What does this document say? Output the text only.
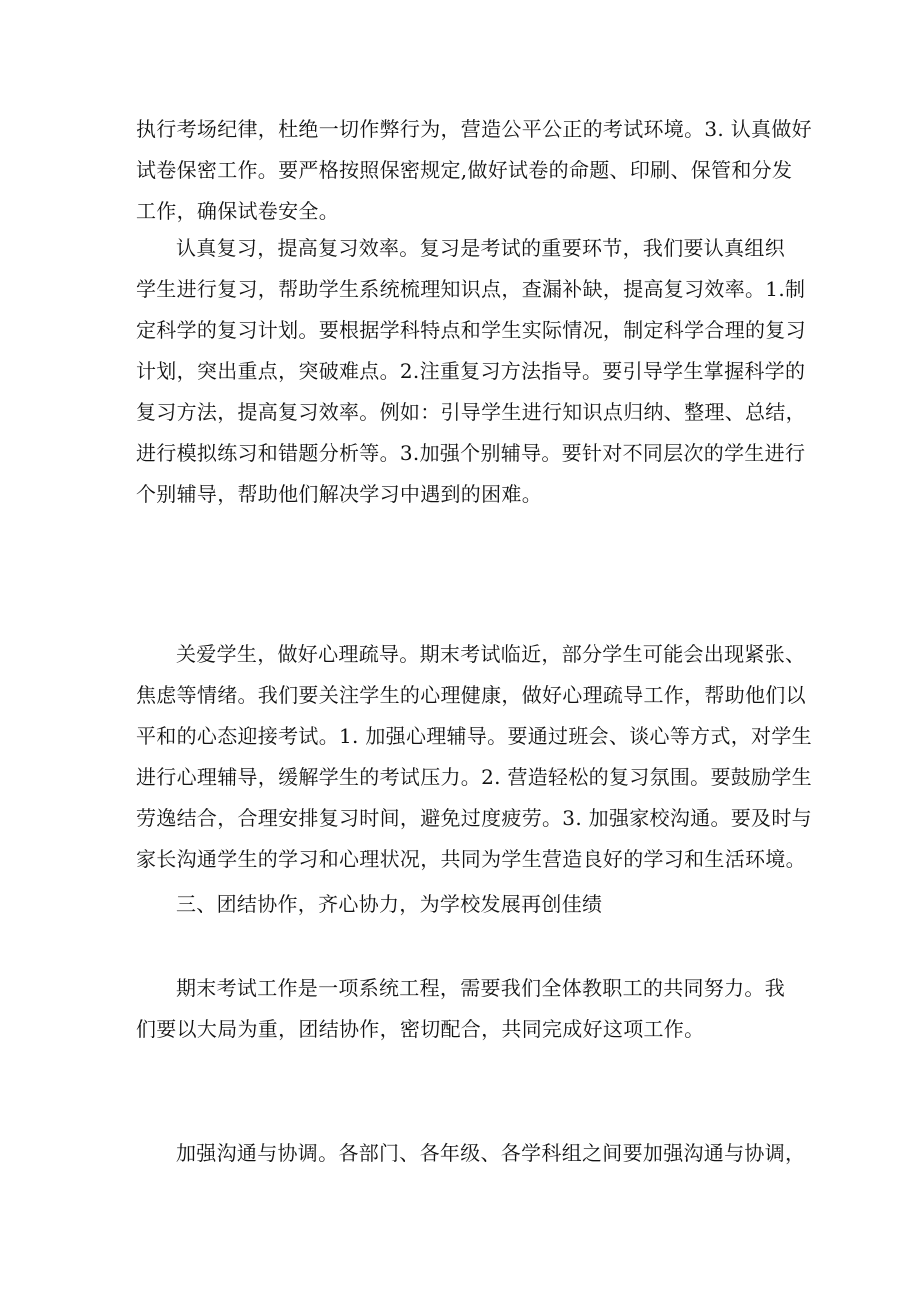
执行考场纪律，杜绝一切作弊行为，营造公平公正的考试环境。3. 认真做好
试卷保密工作。要严格按照保密规定,做好试卷的命题、印刷、保管和分发
工作，确保试卷安全。

认真复习，提高复习效率。复习是考试的重要环节，我们要认真组织
学生进行复习，帮助学生系统梳理知识点，查漏补缺，提高复习效率。1.制
定科学的复习计划。要根据学科特点和学生实际情况，制定科学合理的复习
计划，突出重点，突破难点。2.注重复习方法指导。要引导学生掌握科学的
复习方法，提高复习效率。例如：引导学生进行知识点归纳、整理、总结，
进行模拟练习和错题分析等。3.加强个别辅导。要针对不同层次的学生进行
个别辅导，帮助他们解决学习中遇到的困难。

关爱学生，做好心理疏导。期末考试临近，部分学生可能会出现紧张、
焦虑等情绪。我们要关注学生的心理健康，做好心理疏导工作，帮助他们以
平和的心态迎接考试。1. 加强心理辅导。要通过班会、谈心等方式，对学生
进行心理辅导，缓解学生的考试压力。2. 营造轻松的复习氛围。要鼓励学生
劳逸结合，合理安排复习时间，避免过度疲劳。3. 加强家校沟通。要及时与
家长沟通学生的学习和心理状况，共同为学生营造良好的学习和生活环境。

三、团结协作，齐心协力，为学校发展再创佳绩

期末考试工作是一项系统工程，需要我们全体教职工的共同努力。我
们要以大局为重，团结协作，密切配合，共同完成好这项工作。

加强沟通与协调。各部门、各年级、各学科组之间要加强沟通与协调，
